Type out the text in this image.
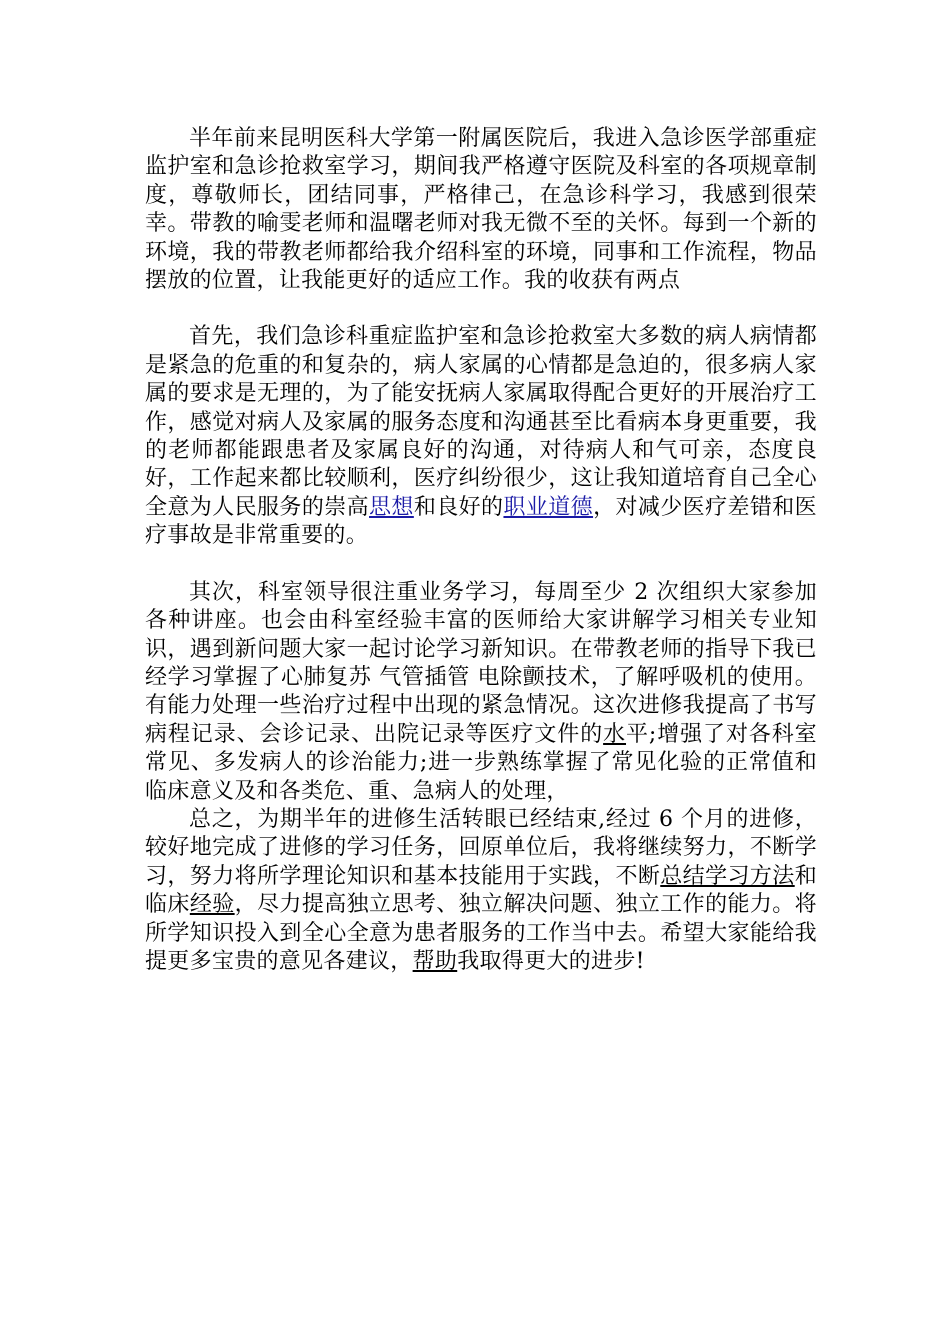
半年前来昆明医科大学第一附属医院后，我进入急诊医学部重症监护室和急诊抢救室学习，期间我严格遵守医院及科室的各项规章制度，尊敬师长，团结同事，严格律己，在急诊科学习，我感到很荣幸。带教的喻雯老师和温曙老师对我无微不至的关怀。每到一个新的环境，我的带教老师都给我介绍科室的环境，同事和工作流程，物品摆放的位置，让我能更好的适应工作。我的收获有两点

首先，我们急诊科重症监护室和急诊抢救室大多数的病人病情都是紧急的危重的和复杂的，病人家属的心情都是急迫的，很多病人家属的要求是无理的，为了能安抚病人家属取得配合更好的开展治疗工作，感觉对病人及家属的服务态度和沟通甚至比看病本身更重要，我的老师都能跟患者及家属良好的沟通，对待病人和气可亲，态度良好，工作起来都比较顺利，医疗纠纷很少，这让我知道培育自己全心全意为人民服务的崇高思想和良好的职业道德，对减少医疗差错和医疗事故是非常重要的。

其次，科室领导很注重业务学习，每周至少 2 次组织大家参加各种讲座。也会由科室经验丰富的医师给大家讲解学习相关专业知识，遇到新问题大家一起讨论学习新知识。在带教老师的指导下我已经学习掌握了心肺复苏 气管插管 电除颤技术，了解呼吸机的使用。有能力处理一些治疗过程中出现的紧急情况。这次进修我提高了书写病程记录、会诊记录、出院记录等医疗文件的水平;增强了对各科室常见、多发病人的诊治能力;进一步熟练掌握了常见化验的正常值和临床意义及和各类危、重、急病人的处理，

总之，为期半年的进修生活转眼已经结束,经过 6 个月的进修，较好地完成了进修的学习任务，回原单位后，我将继续努力，不断学习，努力将所学理论知识和基本技能用于实践，不断总结学习方法和临床经验，尽力提高独立思考、独立解决问题、独立工作的能力。将所学知识投入到全心全意为患者服务的工作当中去。希望大家能给我提更多宝贵的意见各建议，帮助我取得更大的进步!
